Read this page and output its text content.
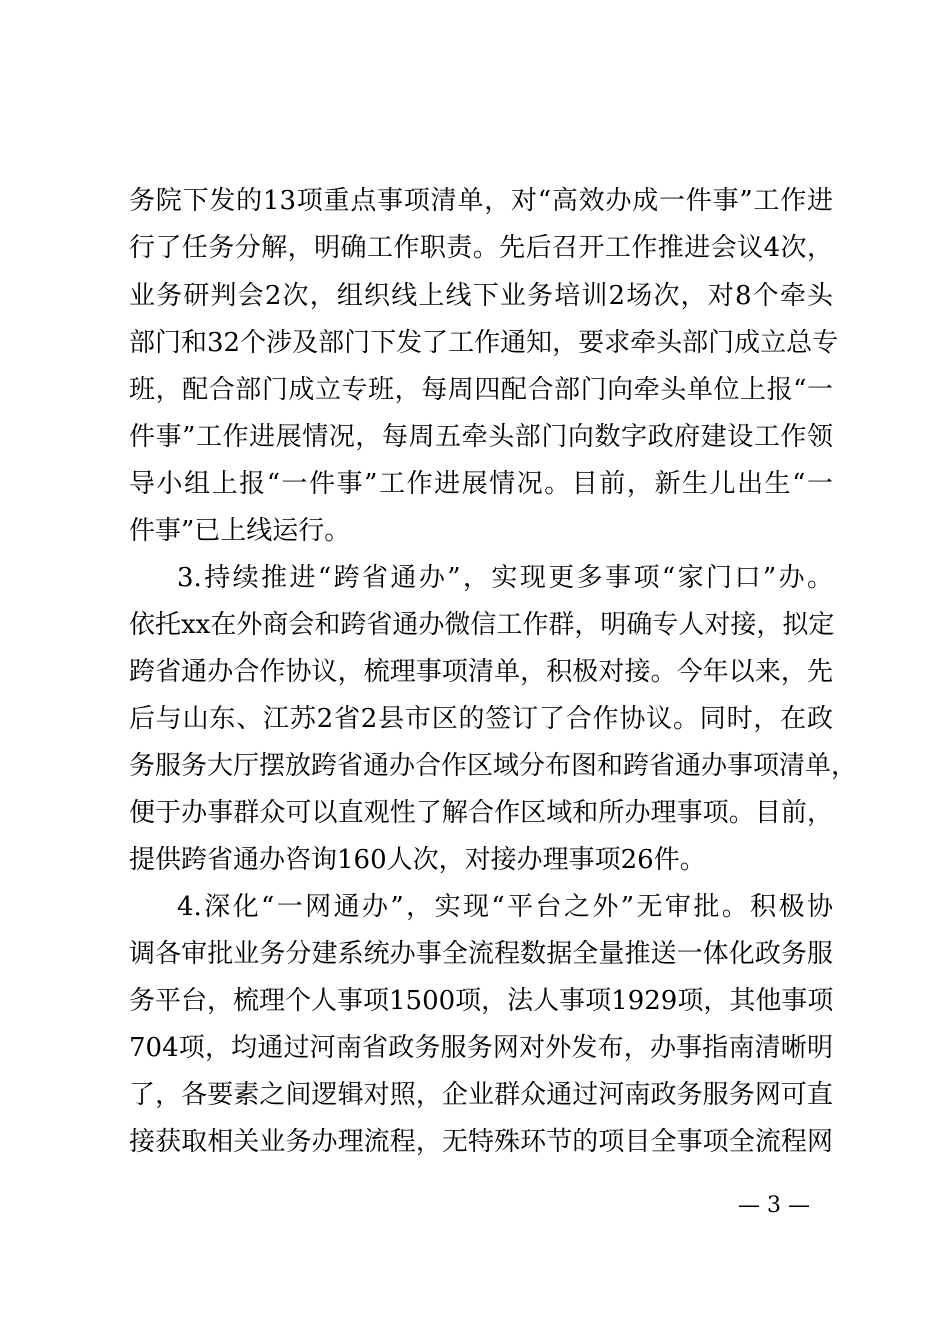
务院下发的13项重点事项清单，对“高效办成一件事”工作进

行了任务分解，明确工作职责。先后召开工作推进会议4次，

业务研判会2次，组织线上线下业务培训2场次，对8个牵头

部门和32个涉及部门下发了工作通知，要求牵头部门成立总专

班，配合部门成立专班，每周四配合部门向牵头单位上报“一

件事”工作进展情况，每周五牵头部门向数字政府建设工作领

导小组上报“一件事”工作进展情况。目前，新生儿出生“一

件事”已上线运行。

3.持续推进“跨省通办”，实现更多事项“家门口”办。

依托xx在外商会和跨省通办微信工作群，明确专人对接，拟定

跨省通办合作协议，梳理事项清单，积极对接。今年以来，先

后与山东、江苏2省2县市区的签订了合作协议。同时，在政

务服务大厅摆放跨省通办合作区域分布图和跨省通办事项清单，

便于办事群众可以直观性了解合作区域和所办理事项。目前，

提供跨省通办咨询160人次，对接办理事项26件。

4.深化“一网通办”，实现“平台之外”无审批。积极协

调各审批业务分建系统办事全流程数据全量推送一体化政务服

务平台，梳理个人事项1500项，法人事项1929项，其他事项

704项，均通过河南省政务服务网对外发布，办事指南清晰明

了，各要素之间逻辑对照，企业群众通过河南政务服务网可直

接获取相关业务办理流程，无特殊环节的项目全事项全流程网

— 3 —
